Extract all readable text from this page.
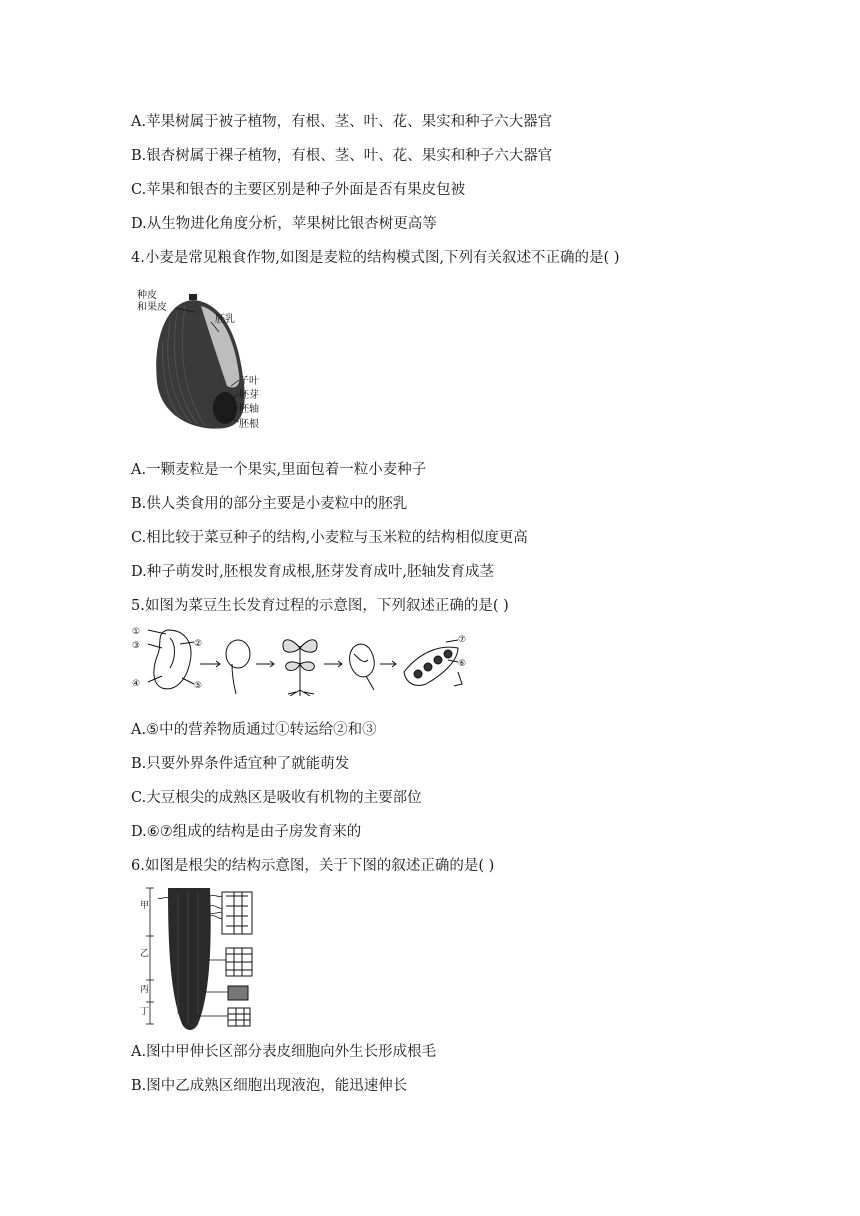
A.苹果树属于被子植物，有根、茎、叶、花、果实和种子六大器官
B.银杏树属于裸子植物，有根、茎、叶、花、果实和种子六大器官
C.苹果和银杏的主要区别是种子外面是否有果皮包被
D.从生物进化角度分析，苹果树比银杏树更高等
4.小麦是常见粮食作物,如图是麦粒的结构模式图,下列有关叙述不正确的是( )
种皮
和果皮
胚乳
子叶
胚芽
胚轴
胚根
A.一颗麦粒是一个果实,里面包着一粒小麦种子
B.供人类食用的部分主要是小麦粒中的胚乳
C.相比较于菜豆种子的结构,小麦粒与玉米粒的结构相似度更高
D.种子萌发时,胚根发育成根,胚芽发育成叶,胚轴发育成茎
5.如图为菜豆生长发育过程的示意图，下列叙述正确的是( )
①
②
③
④	⑤
⑥
⑦
A.⑤中的营养物质通过①转运给②和③
B.只要外界条件适宜种了就能萌发
C.大豆根尖的成熟区是吸收有机物的主要部位
D.⑥⑦组成的结构是由子房发育来的
6.如图是根尖的结构示意图，关于下图的叙述正确的是( )
甲
乙
丙
丁
A.图中甲伸长区部分表皮细胞向外生长形成根毛
B.图中乙成熟区细胞出现液泡，能迅速伸长
